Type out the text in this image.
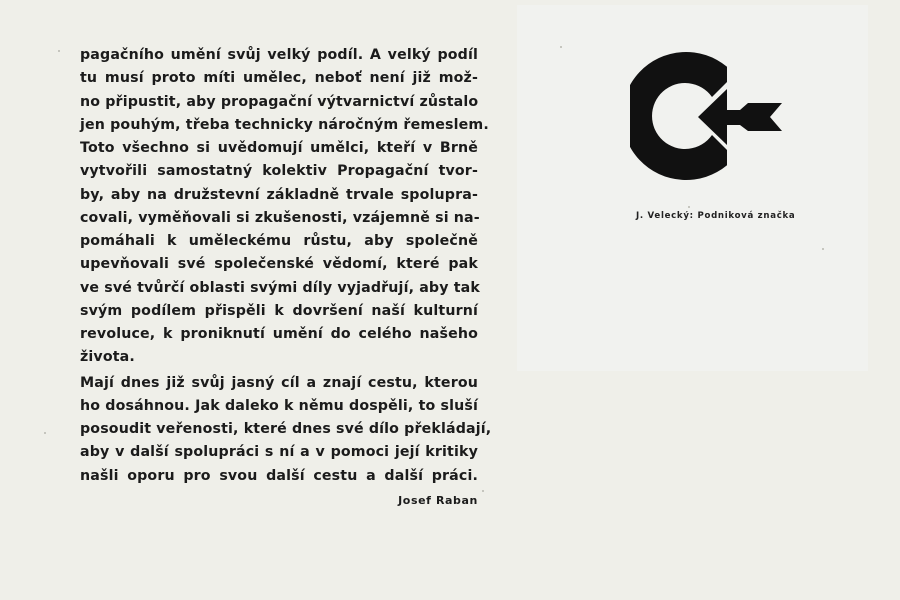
pagačního umění svůj velký podíl. A velký podíl
tu musí proto míti umělec, neboť není již mož-
no připustit, aby propagační výtvarnictví zůstalo
jen pouhým, třeba technicky náročným řemeslem.
Toto všechno si uvědomují umělci, kteří v Brně
vytvořili samostatný kolektiv Propagační tvor-
by, aby na družstevní základně trvale spolupra-
covali, vyměňovali si zkušenosti, vzájemně si na-
pomáhali k uměleckému růstu, aby společně
upevňovali své společenské vědomí, které pak
ve své tvůrčí oblasti svými díly vyjadřují, aby tak
svým podílem přispěli k dovršení naší kulturní
revoluce, k proniknutí umění do celého našeho
života.

Mají dnes již svůj jasný cíl a znají cestu, kterou
ho dosáhnou. Jak daleko k němu dospěli, to sluší
posoudit veřenosti, které dnes své dílo překládají,
aby v další spolupráci s ní a v pomoci její kritiky
našli oporu pro svou další cestu a další práci.

Josef Raban
J. Velecký: Podniková značka
